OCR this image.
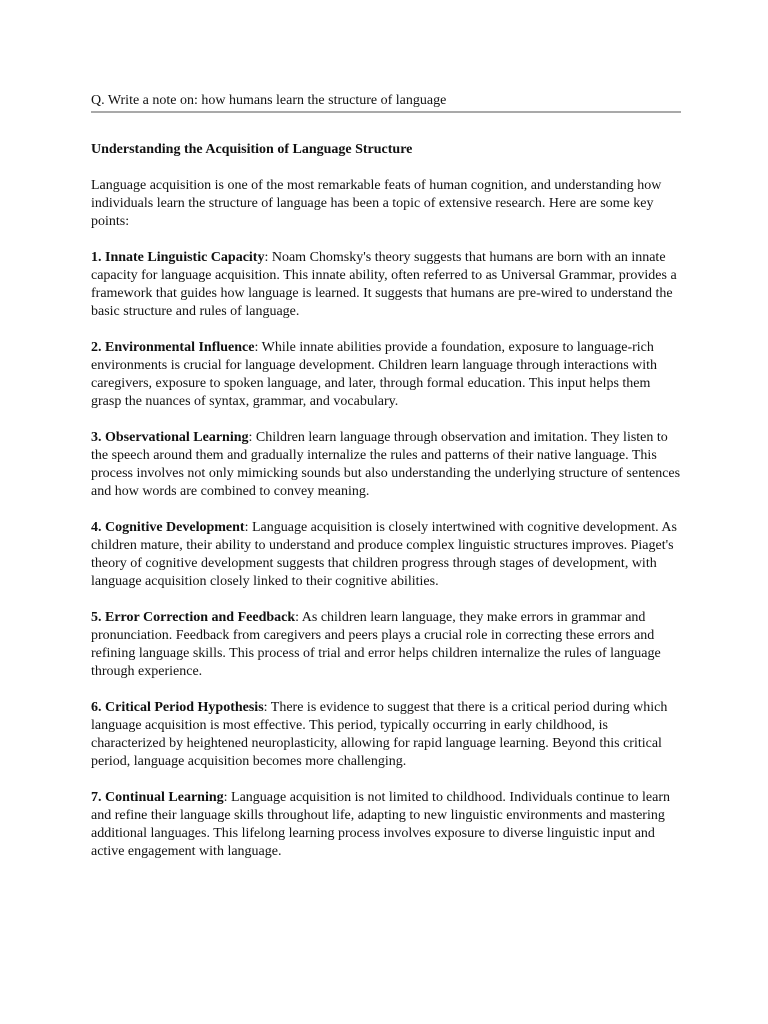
Q. Write a note on: how humans learn the structure of language

Understanding the Acquisition of Language Structure

Language acquisition is one of the most remarkable feats of human cognition, and understanding how individuals learn the structure of language has been a topic of extensive research. Here are some key points:

1. Innate Linguistic Capacity: Noam Chomsky's theory suggests that humans are born with an innate capacity for language acquisition. This innate ability, often referred to as Universal Grammar, provides a framework that guides how language is learned. It suggests that humans are pre-wired to understand the basic structure and rules of language.

2. Environmental Influence: While innate abilities provide a foundation, exposure to language-rich environments is crucial for language development. Children learn language through interactions with caregivers, exposure to spoken language, and later, through formal education. This input helps them grasp the nuances of syntax, grammar, and vocabulary.

3. Observational Learning: Children learn language through observation and imitation. They listen to the speech around them and gradually internalize the rules and patterns of their native language. This process involves not only mimicking sounds but also understanding the underlying structure of sentences and how words are combined to convey meaning.

4. Cognitive Development: Language acquisition is closely intertwined with cognitive development. As children mature, their ability to understand and produce complex linguistic structures improves. Piaget's theory of cognitive development suggests that children progress through stages of development, with language acquisition closely linked to their cognitive abilities.

5. Error Correction and Feedback: As children learn language, they make errors in grammar and pronunciation. Feedback from caregivers and peers plays a crucial role in correcting these errors and refining language skills. This process of trial and error helps children internalize the rules of language through experience.

6. Critical Period Hypothesis: There is evidence to suggest that there is a critical period during which language acquisition is most effective. This period, typically occurring in early childhood, is characterized by heightened neuroplasticity, allowing for rapid language learning. Beyond this critical period, language acquisition becomes more challenging.

7. Continual Learning: Language acquisition is not limited to childhood. Individuals continue to learn and refine their language skills throughout life, adapting to new linguistic environments and mastering additional languages. This lifelong learning process involves exposure to diverse linguistic input and active engagement with language.
